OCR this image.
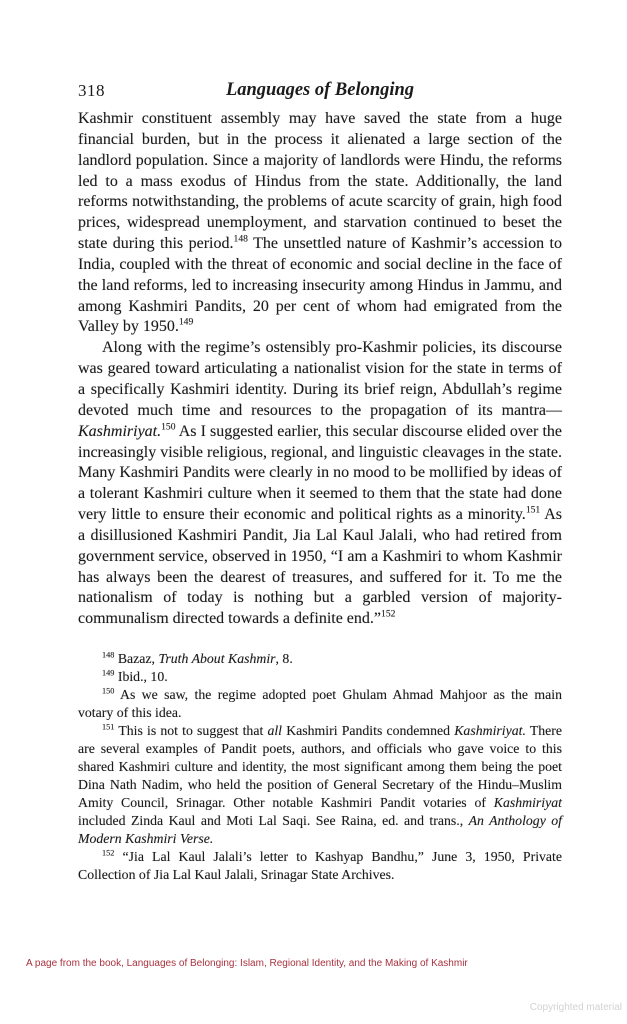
318	Languages of Belonging

Kashmir constituent assembly may have saved the state from a huge financial burden, but in the process it alienated a large section of the landlord population. Since a majority of landlords were Hindu, the reforms led to a mass exodus of Hindus from the state. Additionally, the land reforms notwithstanding, the problems of acute scarcity of grain, high food prices, widespread unemployment, and starvation continued to beset the state during this period.$^{148}$ The unsettled nature of Kashmir’s accession to India, coupled with the threat of economic and social decline in the face of the land reforms, led to increasing insecurity among Hindus in Jammu, and among Kashmiri Pandits, 20 per cent of whom had emigrated from the Valley by 1950.$^{149}$

Along with the regime’s ostensibly pro-Kashmir policies, its discourse was geared toward articulating a nationalist vision for the state in terms of a specifically Kashmiri identity. During its brief reign, Abdullah’s regime devoted much time and resources to the propagation of its mantra—Kashmiriyat.$^{150}$ As I suggested earlier, this secular discourse elided over the increasingly visible religious, regional, and linguistic cleavages in the state. Many Kashmiri Pandits were clearly in no mood to be mollified by ideas of a tolerant Kashmiri culture when it seemed to them that the state had done very little to ensure their economic and political rights as a minority.$^{151}$ As a disillusioned Kashmiri Pandit, Jia Lal Kaul Jalali, who had retired from government service, observed in 1950, “I am a Kashmiri to whom Kashmir has always been the dearest of treasures, and suffered for it. To me the nationalism of today is nothing but a garbled version of majority-communalism directed towards a definite end.”$^{152}$

$^{148}$ Bazaz, Truth About Kashmir, 8.

$^{149}$ Ibid., 10.

$^{150}$ As we saw, the regime adopted poet Ghulam Ahmad Mahjoor as the main votary of this idea.

$^{151}$ This is not to suggest that all Kashmiri Pandits condemned Kashmiriyat. There are several examples of Pandit poets, authors, and officials who gave voice to this shared Kashmiri culture and identity, the most significant among them being the poet Dina Nath Nadim, who held the position of General Secretary of the Hindu–Muslim Amity Council, Srinagar. Other notable Kashmiri Pandit votaries of Kashmiriyat included Zinda Kaul and Moti Lal Saqi. See Raina, ed. and trans., An Anthology of Modern Kashmiri Verse.

$^{152}$ “Jia Lal Kaul Jalali’s letter to Kashyap Bandhu,” June 3, 1950, Private Collection of Jia Lal Kaul Jalali, Srinagar State Archives.

A page from the book, Languages of Belonging: Islam, Regional Identity, and the Making of Kashmir
Copyrighted material
